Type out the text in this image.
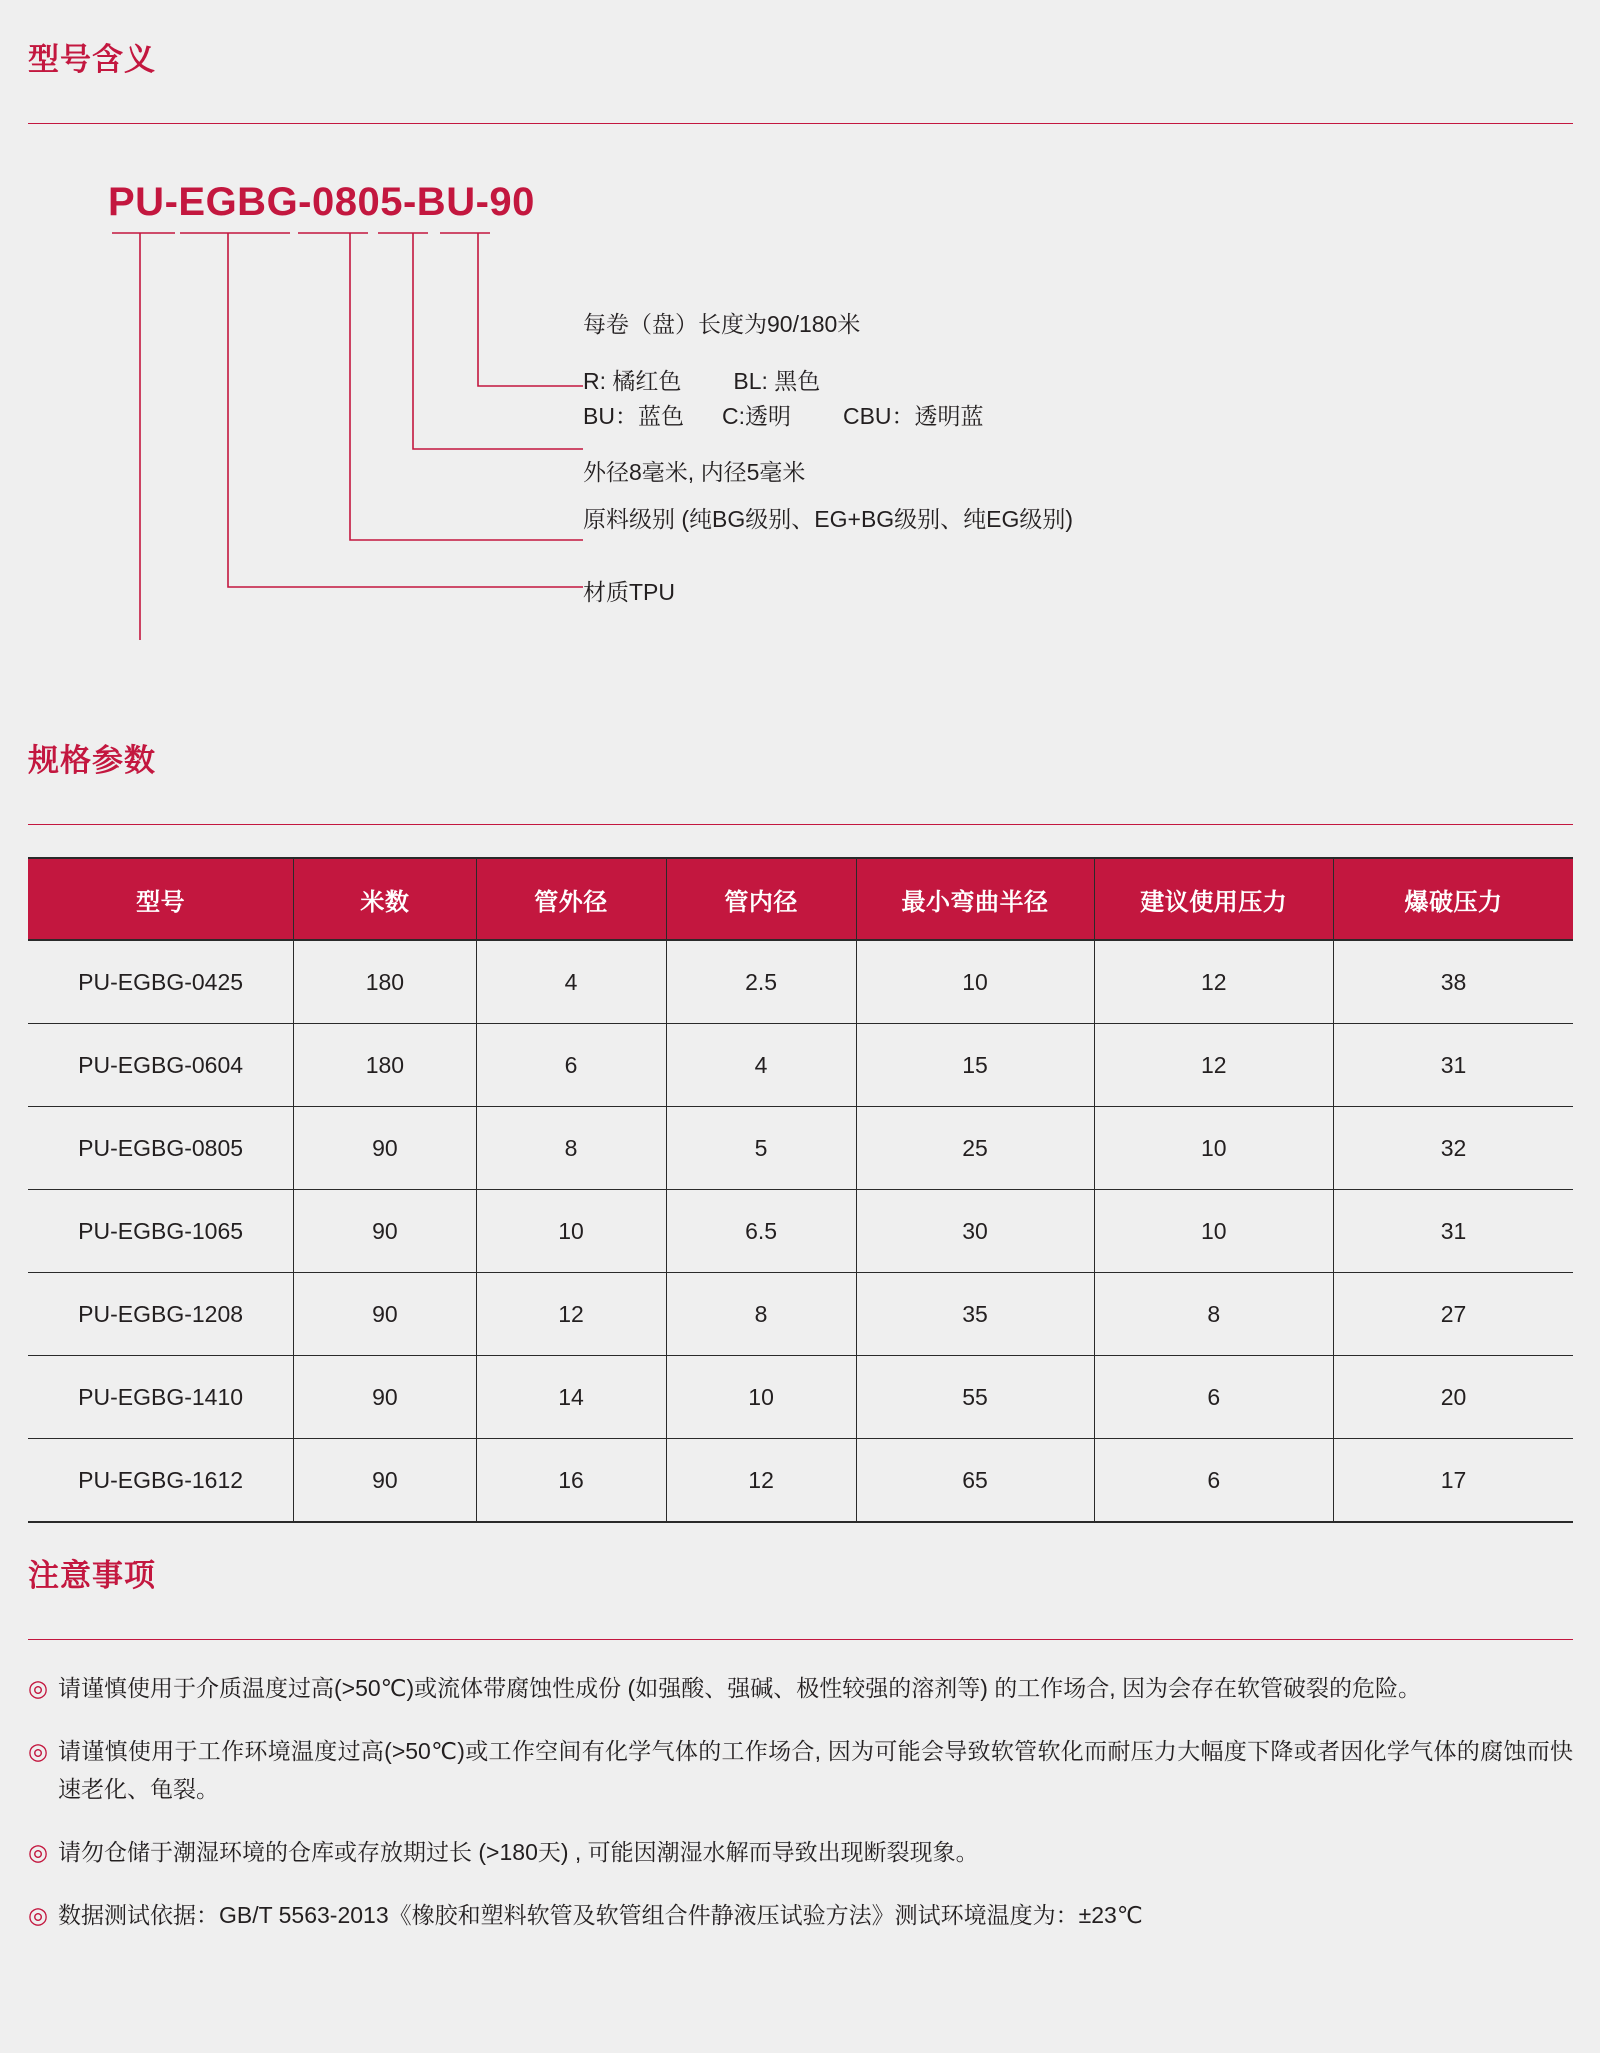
型号含义
PU-EGBG-0805-BU-90
每卷（盘）长度为90/180米
R: 橘红色 BL: 黑色
BU：蓝色 C:透明 CBU：透明蓝
外径8毫米, 内径5毫米
原料级别 (纯BG级别、EG+BG级别、纯EG级别)
材质TPU
规格参数
型号	米数	管外径	管内径	最小弯曲半径	建议使用压力	爆破压力
PU-EGBG-0425	180	4	2.5	10	12	38
PU-EGBG-0604	180	6	4	15	12	31
PU-EGBG-0805	90	8	5	25	10	32
PU-EGBG-1065	90	10	6.5	30	10	31
PU-EGBG-1208	90	12	8	35	8	27
PU-EGBG-1410	90	14	10	55	6	20
PU-EGBG-1612	90	16	12	65	6	17
注意事项
◎ 请谨慎使用于介质温度过高(>50℃)或流体带腐蚀性成份 (如强酸、强碱、极性较强的溶剂等) 的工作场合, 因为会存在软管破裂的危险。
◎ 请谨慎使用于工作环境温度过高(>50℃)或工作空间有化学气体的工作场合, 因为可能会导致软管软化而耐压力大幅度下降或者因化学气体的腐蚀而快速老化、龟裂。
◎ 请勿仓储于潮湿环境的仓库或存放期过长 (>180天) , 可能因潮湿水解而导致出现断裂现象。
◎ 数据测试依据：GB/T 5563-2013《橡胶和塑料软管及软管组合件静液压试验方法》测试环境温度为：±23℃
